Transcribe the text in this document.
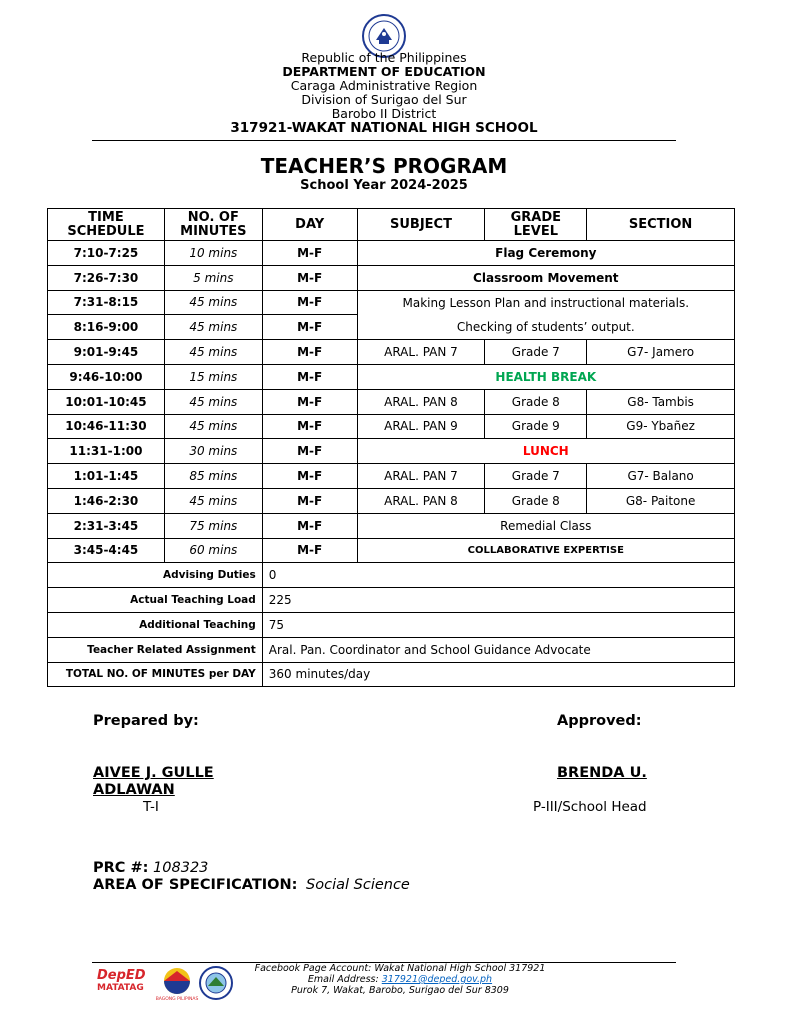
Republic of the Philippines
DEPARTMENT OF EDUCATION
Caraga Administrative Region
Division of Surigao del Sur
Barobo II District
317921-WAKAT NATIONAL HIGH SCHOOL
TEACHER’S PROGRAM
School Year 2024-2025
TIME SCHEDULE	NO. OF MINUTES	DAY	SUBJECT	GRADE LEVEL	SECTION
7:10-7:25	10 mins	M-F	Flag Ceremony		
7:26-7:30	5 mins	M-F	Classroom Movement		
7:31-8:15	45 mins	M-F	Making Lesson Plan and instructional materials.		
8:16-9:00	45 mins	M-F	Checking of students’ output.		
9:01-9:45	45 mins	M-F	ARAL. PAN 7	Grade 7	G7- Jamero
9:46-10:00	15 mins	M-F	HEALTH BREAK		
10:01-10:45	45 mins	M-F	ARAL. PAN 8	Grade 8	G8- Tambis
10:46-11:30	45 mins	M-F	ARAL. PAN 9	Grade 9	G9- Ybañez
11:31-1:00	30 mins	M-F	LUNCH		
1:01-1:45	85 mins	M-F	ARAL. PAN 7	Grade 7	G7- Balano
1:46-2:30	45 mins	M-F	ARAL. PAN 8	Grade 8	G8- Paitone
2:31-3:45	75 mins	M-F	Remedial Class		
3:45-4:45	60 mins	M-F	COLLABORATIVE EXPERTISE		
Advising Duties		0			
Actual Teaching Load		225			
Additional Teaching		75			
Teacher Related Assignment		Aral. Pan. Coordinator and School Guidance Advocate			
TOTAL NO. OF MINUTES per DAY		360 minutes/day			
Prepared by:	Approved:
AIVEE J. GULLE
ADLAWAN
T-I
BRENDA U.
P-III/School Head
PRC #: 108323
AREA OF SPECIFICATION: Social Science
Facebook Page Account: Wakat National High School 317921
Email Address: 317921@deped.gov.ph
Purok 7, Wakat, Barobo, Surigao del Sur 8309
DepED
MATATAG
BAGONG PILIPINAS
